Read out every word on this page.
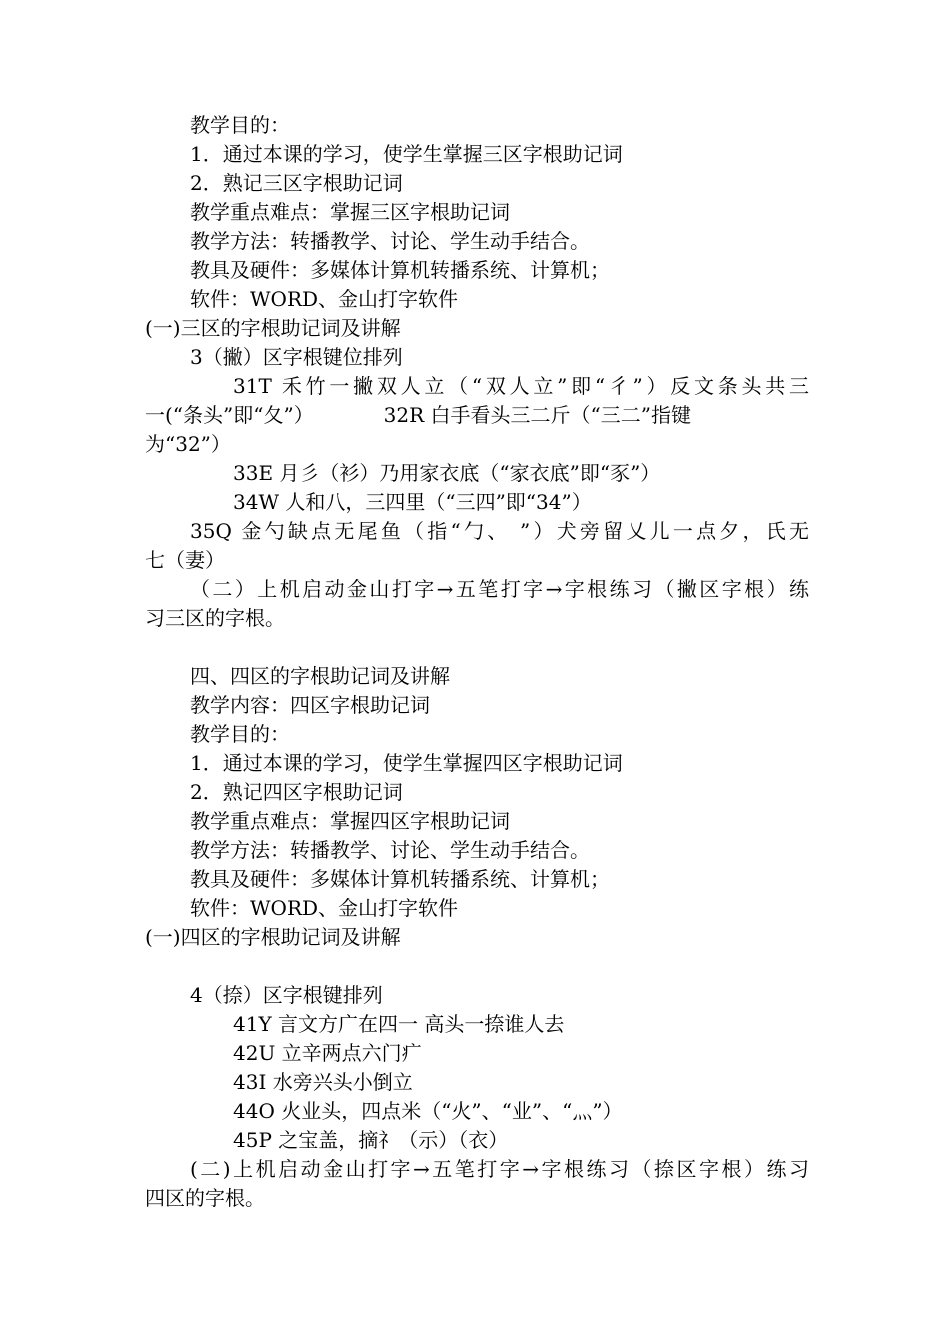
教学目的：
1．通过本课的学习，使学生掌握三区字根助记词
2．熟记三区字根助记词
教学重点难点：掌握三区字根助记词
教学方法：转播教学、讨论、学生动手结合。
教具及硬件：多媒体计算机转播系统、计算机；
软件：WORD、金山打字软件
(一)三区的字根助记词及讲解
3（撇）区字根键位排列
31T 禾竹一撇双人立（“双人立”即“彳”）反文条头共三
一(“条头”即“夂”）           32R 白手看头三二斤（“三二”指键
为“32”）
33E 月彡（衫）乃用家衣底（“家衣底”即“豕”）
34W 人和八，三四里（“三四”即“34”）
35Q 金勺缺点无尾鱼（指“勹、 ”）犬旁留乂儿一点夕，氏无
七（妻）
（二）上机启动金山打字→五笔打字→字根练习（撇区字根）练
习三区的字根。
四、四区的字根助记词及讲解
教学内容：四区字根助记词
教学目的：
1．通过本课的学习，使学生掌握四区字根助记词
2．熟记四区字根助记词
教学重点难点：掌握四区字根助记词
教学方法：转播教学、讨论、学生动手结合。
教具及硬件：多媒体计算机转播系统、计算机；
软件：WORD、金山打字软件
(一)四区的字根助记词及讲解
4（捺）区字根键排列
41Y 言文方广在四一 高头一捺谁人去
42U 立辛两点六门疒
43I 水旁兴头小倒立
44O 火业头，四点米（“火”、“业”、“灬”）
45P 之宝盖，摘礻（示）（衣）
(二)上机启动金山打字→五笔打字→字根练习（捺区字根）练习
四区的字根。
